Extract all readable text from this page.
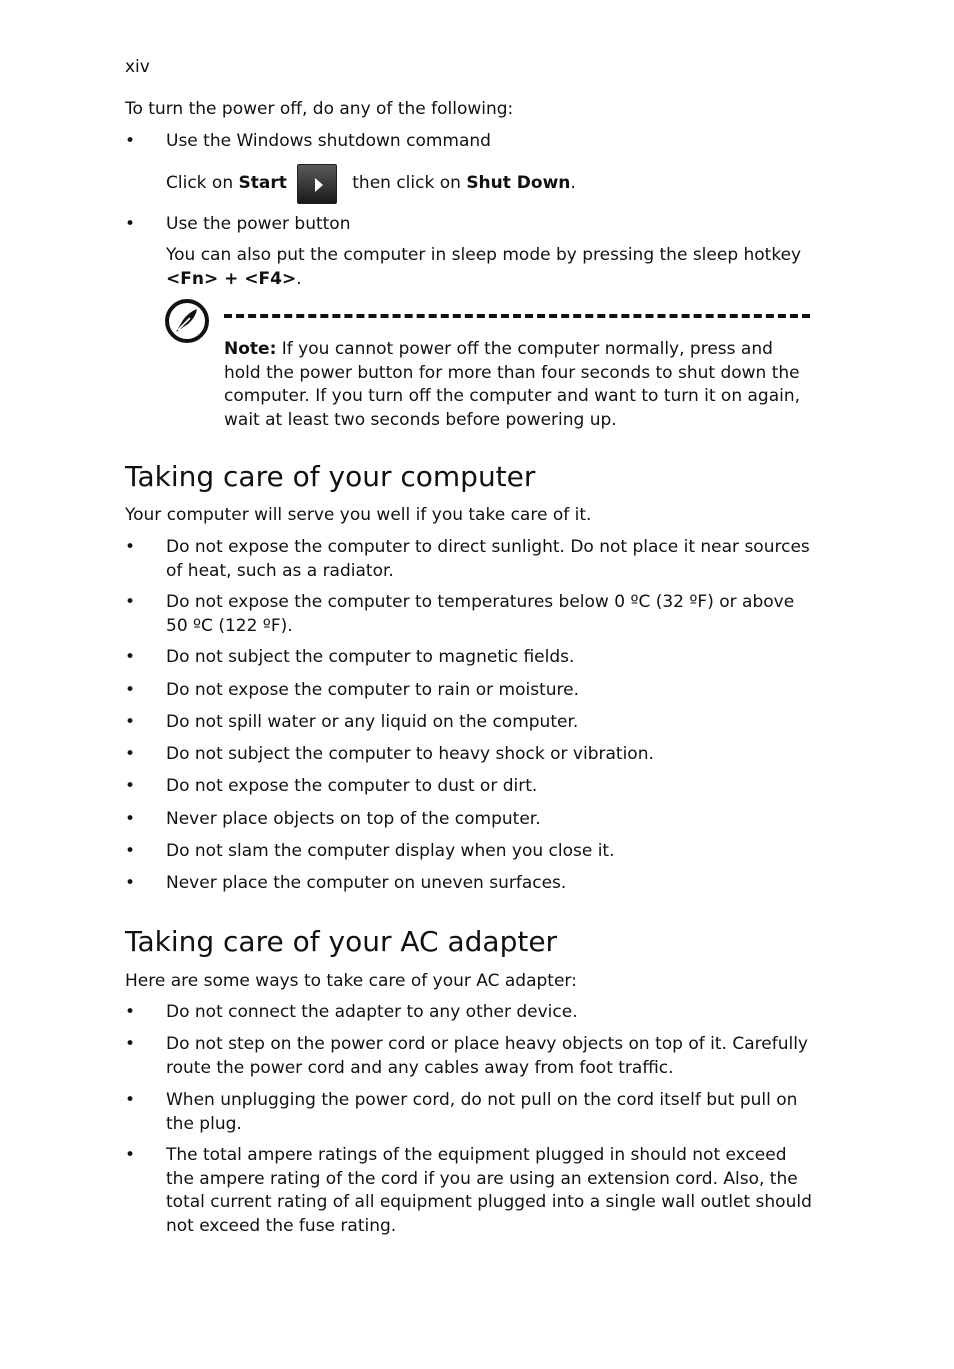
xiv

To turn the power off, do any of the following:

• Use the Windows shutdown command
Click on Start	then click on Shut Down .
• Use the power button

You can also put the computer in sleep mode by pressing the sleep hotkey <Fn> + <F4>.

Note: If you cannot power off the computer normally, press and hold the power button for more than four seconds to shut down the computer. If you turn off the computer and want to turn it on again, wait at least two seconds before powering up.

Taking care of your computer

Your computer will serve you well if you take care of it.

• Do not expose the computer to direct sunlight. Do not place it near sources of heat, such as a radiator.
• Do not expose the computer to temperatures below 0 ºC (32 ºF) or above 50 ºC (122 ºF).
• Do not subject the computer to magnetic fields.
• Do not expose the computer to rain or moisture.
• Do not spill water or any liquid on the computer.
• Do not subject the computer to heavy shock or vibration.
• Do not expose the computer to dust or dirt.
• Never place objects on top of the computer.
• Do not slam the computer display when you close it.
• Never place the computer on uneven surfaces.
Taking care of your AC adapter

Here are some ways to take care of your AC adapter:

• Do not connect the adapter to any other device.
• Do not step on the power cord or place heavy objects on top of it. Carefully route the power cord and any cables away from foot traffic.
• When unplugging the power cord, do not pull on the cord itself but pull on the plug.
• The total ampere ratings of the equipment plugged in should not exceed the ampere rating of the cord if you are using an extension cord. Also, the total current rating of all equipment plugged into a single wall outlet should not exceed the fuse rating.
